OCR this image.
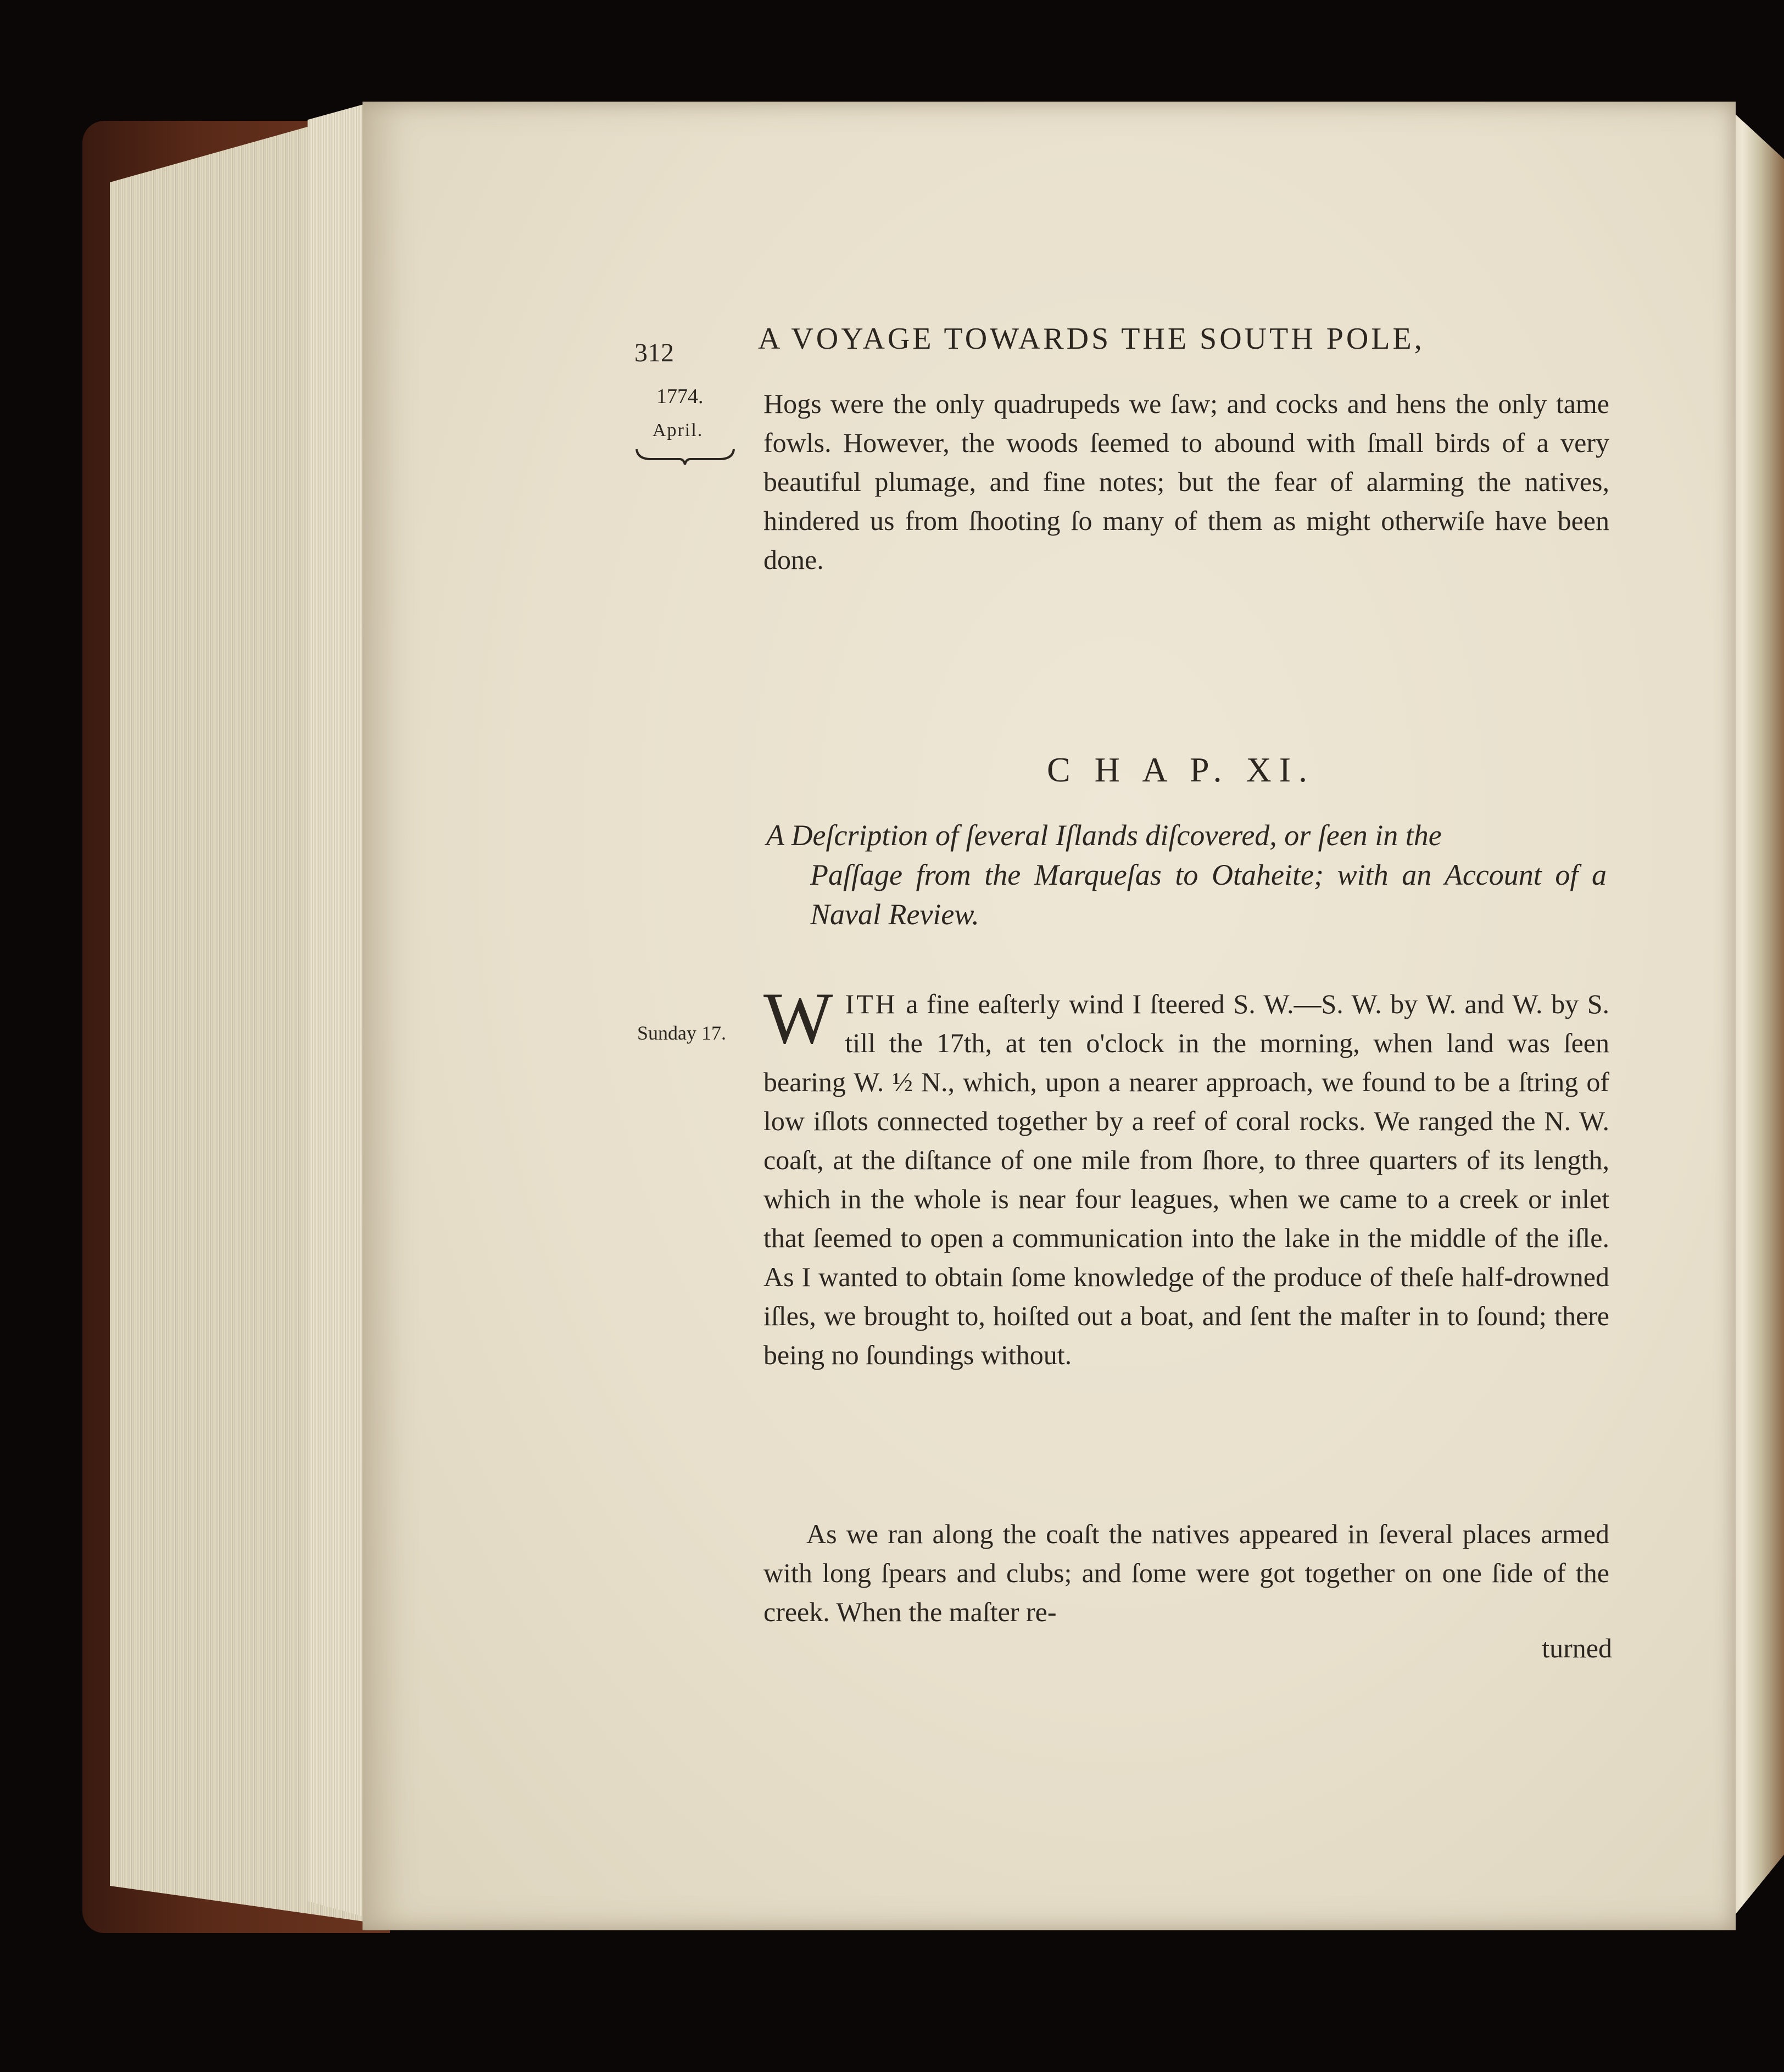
312	A VOYAGE TOWARDS THE SOUTH POLE,
1774.
April.

Hogs were the only quadrupeds we ſaw; and cocks and hens the only tame fowls. However, the woods ſeemed to abound with ſmall birds of a very beautiful plumage, and fine notes; but the fear of alarming the natives, hindered us from ſhooting ſo many of them as might otherwiſe have been done.

C H A P. XI.
A Deſcription of ſeveral Iſlands diſcovered, or ſeen in the
Paſſage from the Marqueſas to Otaheite; with an Account of a Naval Review.
Sunday 17. WITH a fine eaſterly wind I ſteered S. W.—S. W. by W. and W. by S. till the 17th, at ten o'clock in the morning, when land was ſeen bearing W. ½ N., which, upon a nearer approach, we found to be a ſtring of low iſlots connected together by a reef of coral rocks. We ranged the N. W. coaſt, at the diſtance of one mile from ſhore, to three quarters of its length, which in the whole is near four leagues, when we came to a creek or inlet that ſeemed to open a communication into the lake in the middle of the iſle. As I wanted to obtain ſome knowledge of the produce of theſe half-drowned iſles, we brought to, hoiſted out a boat, and ſent the maſter in to ſound; there being no ſoundings without.

As we ran along the coaſt the natives appeared in ſeveral places armed with long ſpears and clubs; and ſome were got together on one ſide of the creek. When the maſter re-

turned
